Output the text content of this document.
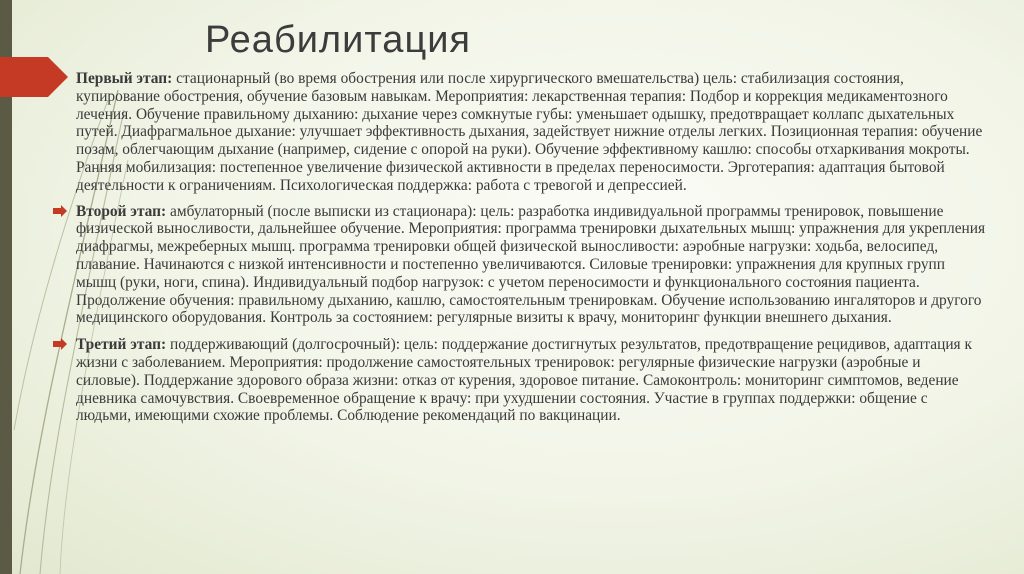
Реабилитация

Первый этап: стационарный (во время обострения или после хирургического вмешательства) цель: стабилизация состояния, купирование обострения, обучение базовым навыкам. Мероприятия: лекарственная терапия: Подбор и коррекция медикаментозного лечения. Обучение правильному дыханию: дыхание через сомкнутые губы: уменьшает одышку, предотвращает коллапс дыхательных путей. Диафрагмальное дыхание: улучшает эффективность дыхания, задействует нижние отделы легких. Позиционная терапия: обучение позам, облегчающим дыхание (например, сидение с опорой на руки). Обучение эффективному кашлю: способы отхаркивания мокроты. Ранняя мобилизация: постепенное увеличение физической активности в пределах переносимости. Эрготерапия: адаптация бытовой деятельности к ограничениям. Психологическая поддержка: работа с тревогой и депрессией.

Второй этап: амбулаторный (после выписки из стационара): цель: разработка индивидуальной программы тренировок, повышение физической выносливости, дальнейшее обучение. Мероприятия: программа тренировки дыхательных мышц: упражнения для укрепления диафрагмы, межреберных мышц. программа тренировки общей физической выносливости: аэробные нагрузки: ходьба, велосипед, плавание. Начинаются с низкой интенсивности и постепенно увеличиваются. Силовые тренировки: упражнения для крупных групп мышц (руки, ноги, спина). Индивидуальный подбор нагрузок: с учетом переносимости и функционального состояния пациента. Продолжение обучения: правильному дыханию, кашлю, самостоятельным тренировкам. Обучение использованию ингаляторов и другого медицинского оборудования. Контроль за состоянием: регулярные визиты к врачу, мониторинг функции внешнего дыхания.

Третий этап: поддерживающий (долгосрочный): цель: поддержание достигнутых результатов, предотвращение рецидивов, адаптация к жизни с заболеванием. Мероприятия: продолжение самостоятельных тренировок: регулярные физические нагрузки (аэробные и силовые). Поддержание здорового образа жизни: отказ от курения, здоровое питание. Самоконтроль: мониторинг симптомов, ведение дневника самочувствия. Своевременное обращение к врачу: при ухудшении состояния. Участие в группах поддержки: общение с людьми, имеющими схожие проблемы. Соблюдение рекомендаций по вакцинации.
